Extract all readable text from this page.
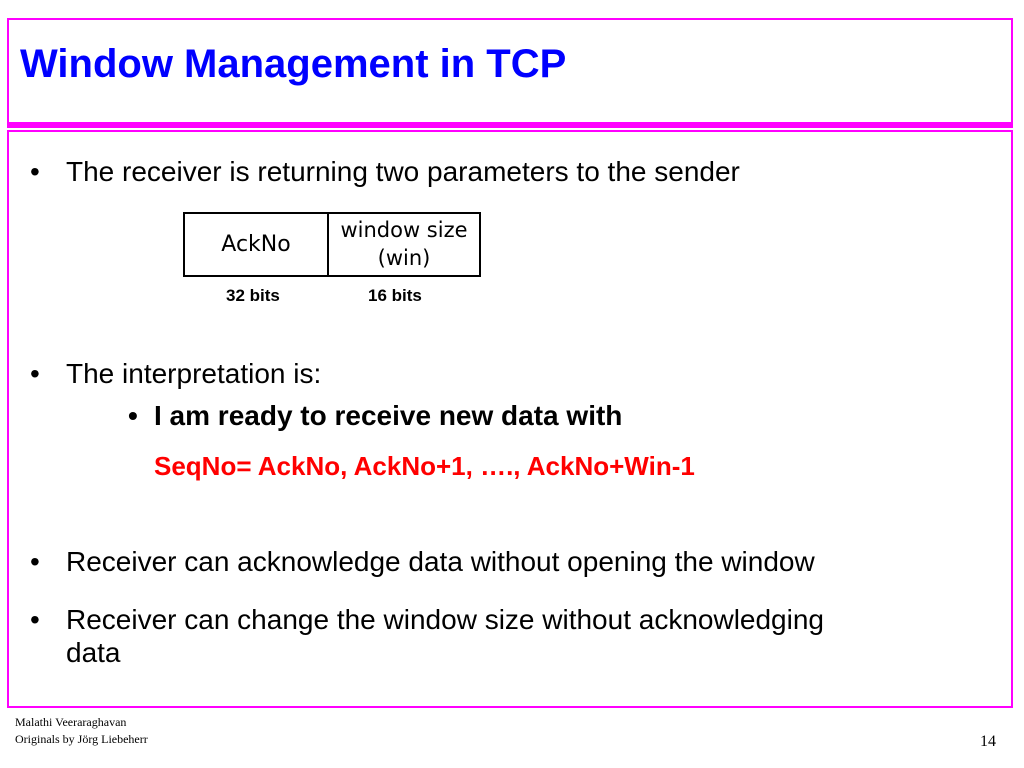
Window Management in TCP
• The receiver is returning two parameters to the sender
AckNo
window size
(win)
32 bits	16 bits
• The interpretation is:
• I am ready to receive new data with
SeqNo= AckNo, AckNo+1, …., AckNo+Win-1
• Receiver can acknowledge data without opening the window
• Receiver can change the window size without acknowledging
data
Malathi Veeraraghavan
Originals by Jörg Liebeherr	14
